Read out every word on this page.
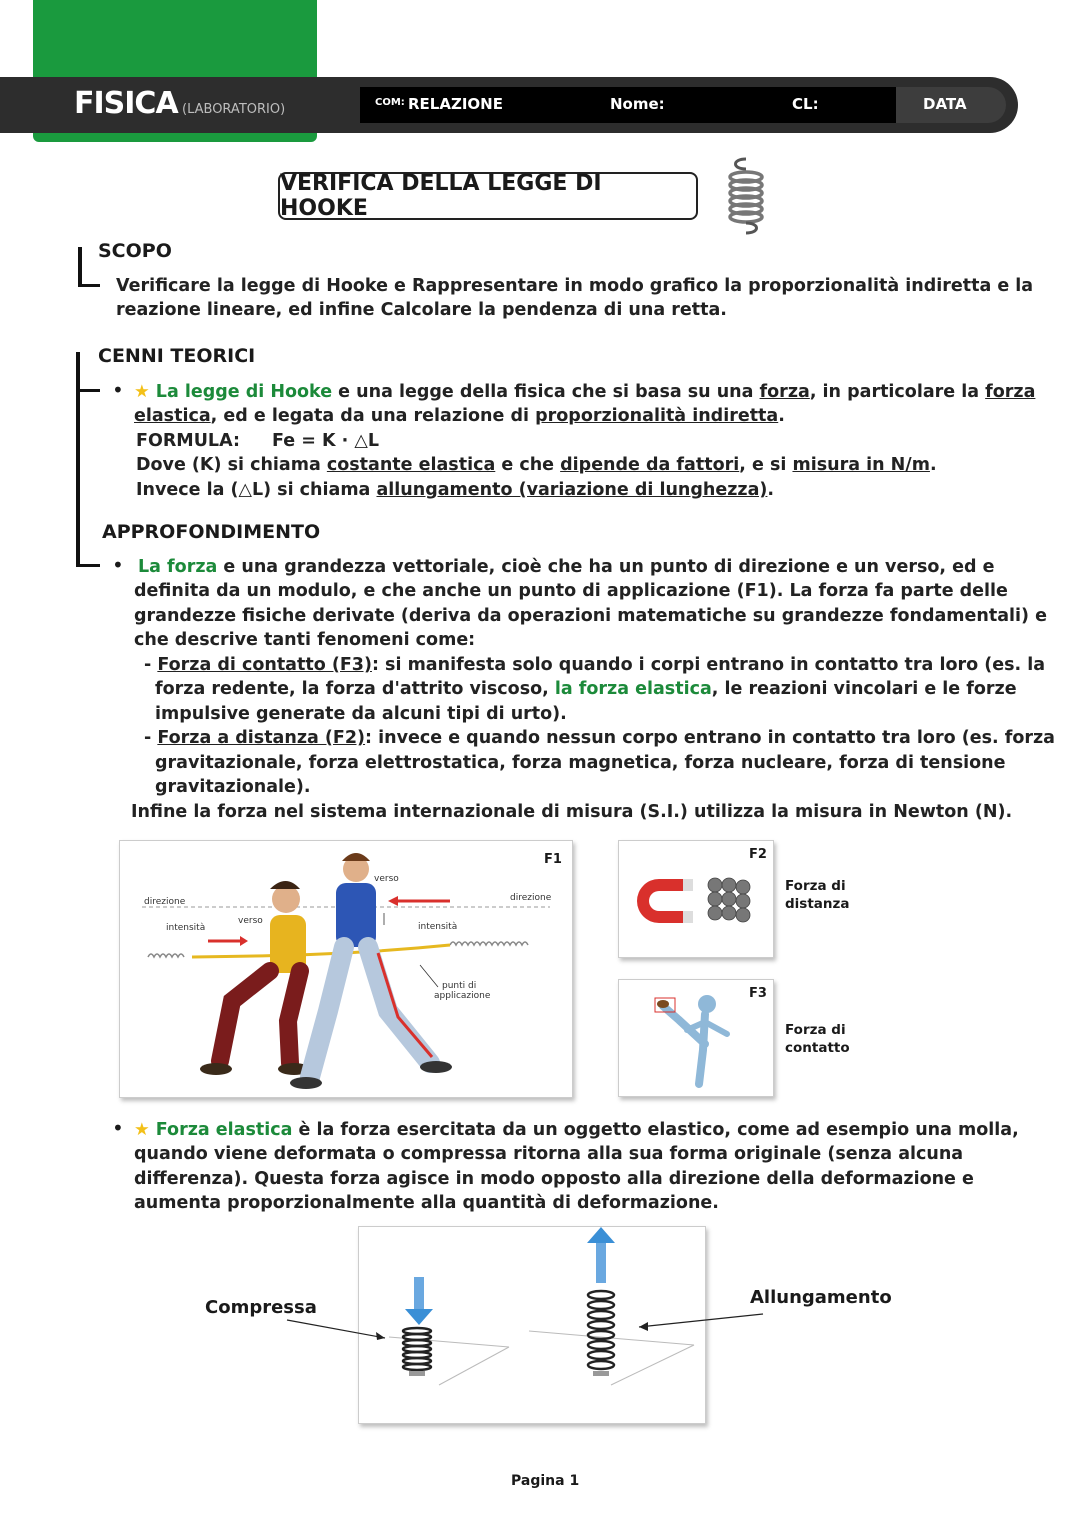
FISICA (LABORATORIO)	COM: RELAZIONE	Nome:	CL:	DATA
VERIFICA DELLA LEGGE DI HOOKE
SCOPO
Verificare la legge di Hooke e Rappresentare in modo grafico la proporzionalità indiretta e la
reazione lineare, ed infine Calcolare la pendenza di una retta.
CENNI TEORICI
• ★ La legge di Hooke e una legge della fisica che si basa su una forza, in particolare la forza
elastica, ed e legata da una relazione di proporzionalità indiretta.
FORMULA: Fe = K · △L
Dove (K) si chiama costante elastica e che dipende da fattori, e si misura in N/m.
Invece la (△L) si chiama allungamento (variazione di lunghezza).
APPROFONDIMENTO
• La forza e una grandezza vettoriale, cioè che ha un punto di direzione e un verso, ed e
definita da un modulo, e che anche un punto di applicazione (F1). La forza fa parte delle
grandezze fisiche derivate (deriva da operazioni matematiche su grandezze fondamentali) e
che descrive tanti fenomeni come:
- Forza di contatto (F3): si manifesta solo quando i corpi entrano in contatto tra loro (es. la
forza redente, la forza d'attrito viscoso, la forza elastica, le reazioni vincolari e le forze
impulsive generate da alcuni tipi di urto).
- Forza a distanza (F2): invece e quando nessun corpo entrano in contatto tra loro (es. forza
gravitazionale, forza elettrostatica, forza magnetica, forza nucleare, forza di tensione
gravitazionale).
Infine la forza nel sistema internazionale di misura (S.I.) utilizza la misura in Newton (N).
F1
direzione
verso
intensità
verso
direzione
intensità
punti di
applicazione
F2
Forza di
distanza
F3
Forza di
contatto
• ★ Forza elastica è la forza esercitata da un oggetto elastico, come ad esempio una molla,
quando viene deformata o compressa ritorna alla sua forma originale (senza alcuna
differenza). Questa forza agisce in modo opposto alla direzione della deformazione e
aumenta proporzionalmente alla quantità di deformazione.
Compressa	Allungamento
Pagina 1
